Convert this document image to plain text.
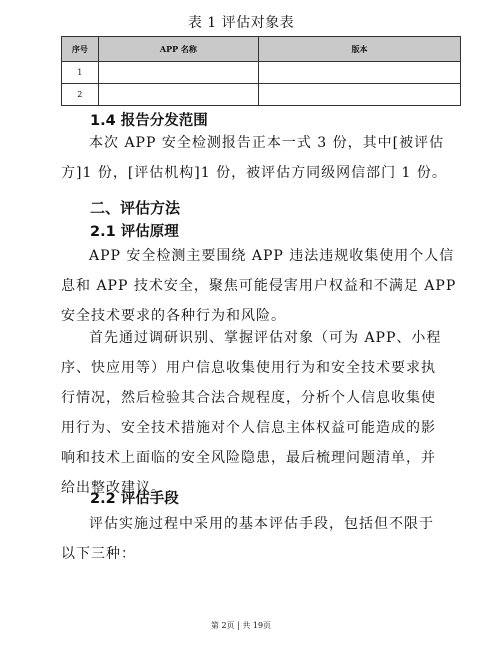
表 1 评估对象表
序号	APP 名称	版本
1		
2		
1.4 报告分发范围
本次 APP 安全检测报告正本一式 3 份，其中[被评估
方]1 份，[评估机构]1 份，被评估方同级网信部门 1 份。
二、评估方法
2.1 评估原理
APP 安全检测主要围绕 APP 违法违规收集使用个人信
息和 APP 技术安全，聚焦可能侵害用户权益和不满足 APP
安全技术要求的各种行为和风险。
首先通过调研识别、掌握评估对象（可为 APP、小程
序、快应用等）用户信息收集使用行为和安全技术要求执
行情况，然后检验其合法合规程度，分析个人信息收集使
用行为、安全技术措施对个人信息主体权益可能造成的影
响和技术上面临的安全风险隐患，最后梳理问题清单，并
给出整改建议。
2.2 评估手段
评估实施过程中采用的基本评估手段，包括但不限于
以下三种：
第 2页 | 共 19页
